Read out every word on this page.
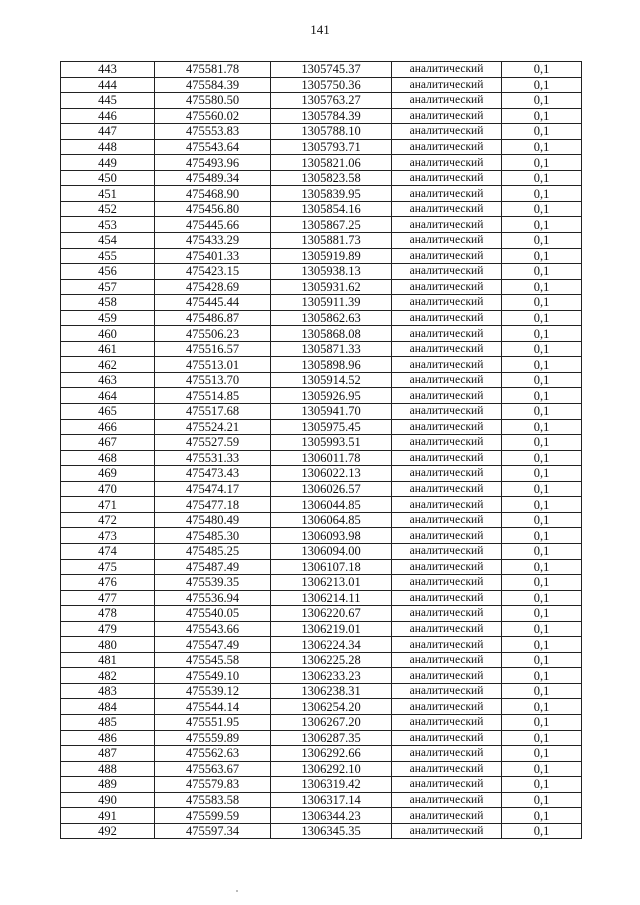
141
443	475581.78	1305745.37	аналитический	0,1
444	475584.39	1305750.36	аналитический	0,1
445	475580.50	1305763.27	аналитический	0,1
446	475560.02	1305784.39	аналитический	0,1
447	475553.83	1305788.10	аналитический	0,1
448	475543.64	1305793.71	аналитический	0,1
449	475493.96	1305821.06	аналитический	0,1
450	475489.34	1305823.58	аналитический	0,1
451	475468.90	1305839.95	аналитический	0,1
452	475456.80	1305854.16	аналитический	0,1
453	475445.66	1305867.25	аналитический	0,1
454	475433.29	1305881.73	аналитический	0,1
455	475401.33	1305919.89	аналитический	0,1
456	475423.15	1305938.13	аналитический	0,1
457	475428.69	1305931.62	аналитический	0,1
458	475445.44	1305911.39	аналитический	0,1
459	475486.87	1305862.63	аналитический	0,1
460	475506.23	1305868.08	аналитический	0,1
461	475516.57	1305871.33	аналитический	0,1
462	475513.01	1305898.96	аналитический	0,1
463	475513.70	1305914.52	аналитический	0,1
464	475514.85	1305926.95	аналитический	0,1
465	475517.68	1305941.70	аналитический	0,1
466	475524.21	1305975.45	аналитический	0,1
467	475527.59	1305993.51	аналитический	0,1
468	475531.33	1306011.78	аналитический	0,1
469	475473.43	1306022.13	аналитический	0,1
470	475474.17	1306026.57	аналитический	0,1
471	475477.18	1306044.85	аналитический	0,1
472	475480.49	1306064.85	аналитический	0,1
473	475485.30	1306093.98	аналитический	0,1
474	475485.25	1306094.00	аналитический	0,1
475	475487.49	1306107.18	аналитический	0,1
476	475539.35	1306213.01	аналитический	0,1
477	475536.94	1306214.11	аналитический	0,1
478	475540.05	1306220.67	аналитический	0,1
479	475543.66	1306219.01	аналитический	0,1
480	475547.49	1306224.34	аналитический	0,1
481	475545.58	1306225.28	аналитический	0,1
482	475549.10	1306233.23	аналитический	0,1
483	475539.12	1306238.31	аналитический	0,1
484	475544.14	1306254.20	аналитический	0,1
485	475551.95	1306267.20	аналитический	0,1
486	475559.89	1306287.35	аналитический	0,1
487	475562.63	1306292.66	аналитический	0,1
488	475563.67	1306292.10	аналитический	0,1
489	475579.83	1306319.42	аналитический	0,1
490	475583.58	1306317.14	аналитический	0,1
491	475599.59	1306344.23	аналитический	0,1
492	475597.34	1306345.35	аналитический	0,1
